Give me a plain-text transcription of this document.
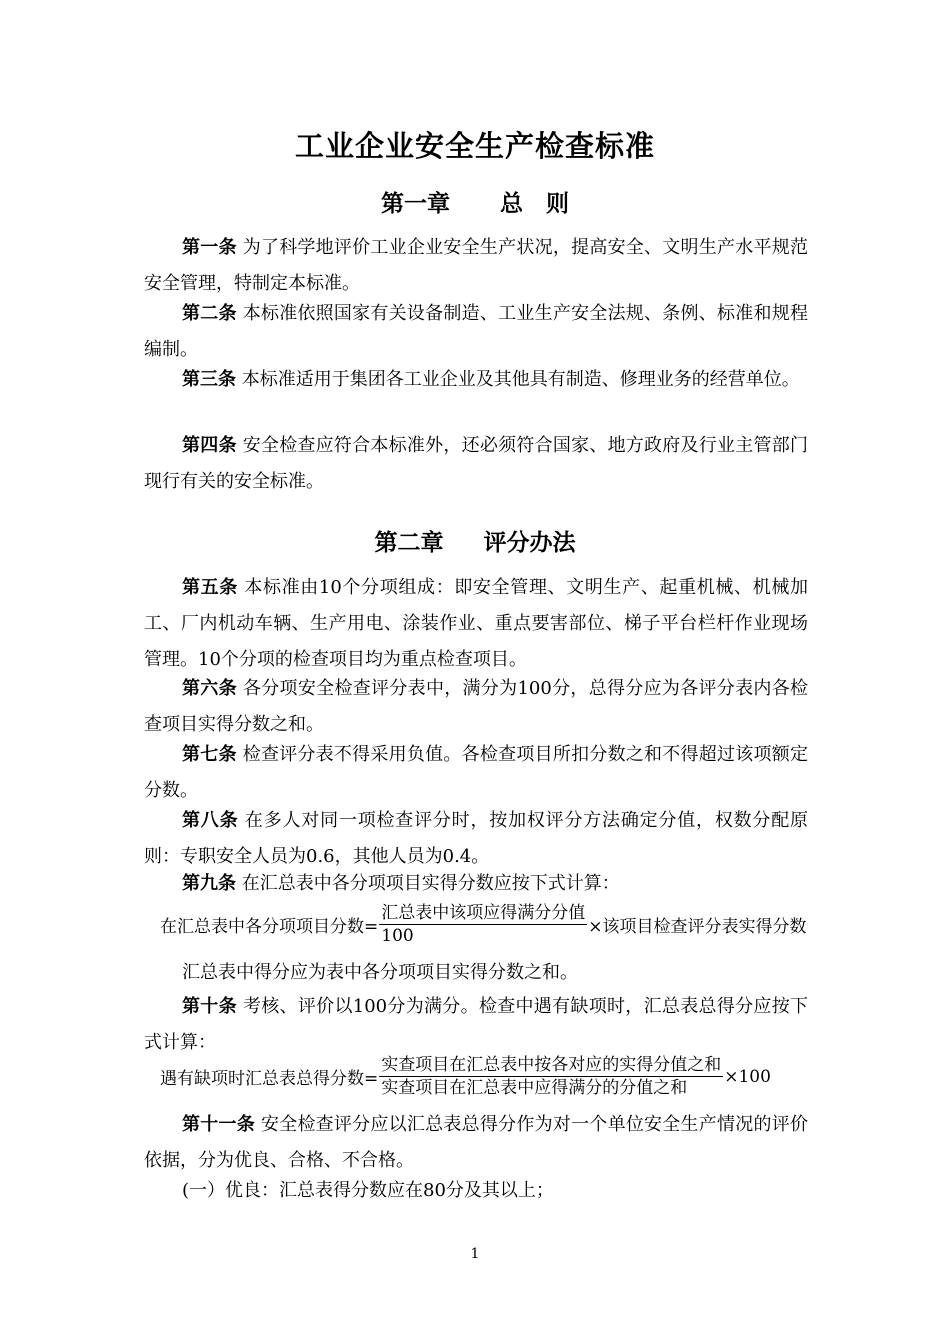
工业企业安全生产检查标准
第一章 总　则
第一条 为了科学地评价工业企业安全生产状况，提高安全、文明生产水平规范安全管理，特制定本标准。
第二条 本标准依照国家有关设备制造、工业生产安全法规、条例、标准和规程编制。
第三条 本标准适用于集团各工业企业及其他具有制造、修理业务的经营单位。
第四条 安全检查应符合本标准外，还必须符合国家、地方政府及行业主管部门现行有关的安全标准。
第二章 评分办法
第五条 本标准由10个分项组成：即安全管理、文明生产、起重机械、机械加工、厂内机动车辆、生产用电、涂装作业、重点要害部位、梯子平台栏杆作业现场管理。10个分项的检查项目均为重点检查项目。
第六条 各分项安全检查评分表中，满分为100分，总得分应为各评分表内各检查项目实得分数之和。
第七条 检查评分表不得采用负值。各检查项目所扣分数之和不得超过该项额定分数。
第八条 在多人对同一项检查评分时，按加权评分方法确定分值，权数分配原则：专职安全人员为0.6，其他人员为0.4。
第九条 在汇总表中各分项项目实得分数应按下式计算：
在汇总表中各分项项目分数= $\frac{\text{汇总表中该项应得满分分值}}{100}$ ×该项目检查评分表实得分数
汇总表中得分应为表中各分项项目实得分数之和。
第十条 考核、评价以100分为满分。检查中遇有缺项时，汇总表总得分应按下式计算：
遇有缺项时汇总表总得分数= $\frac{\text{实查项目在汇总表中按各对应的实得分值之和}}{\text{实查项目在汇总表中应得满分的分值之和}} \times 100$
第十一条 安全检查评分应以汇总表总得分作为对一个单位安全生产情况的评价依据，分为优良、合格、不合格。
(一）优良：汇总表得分数应在80分及其以上；
1
